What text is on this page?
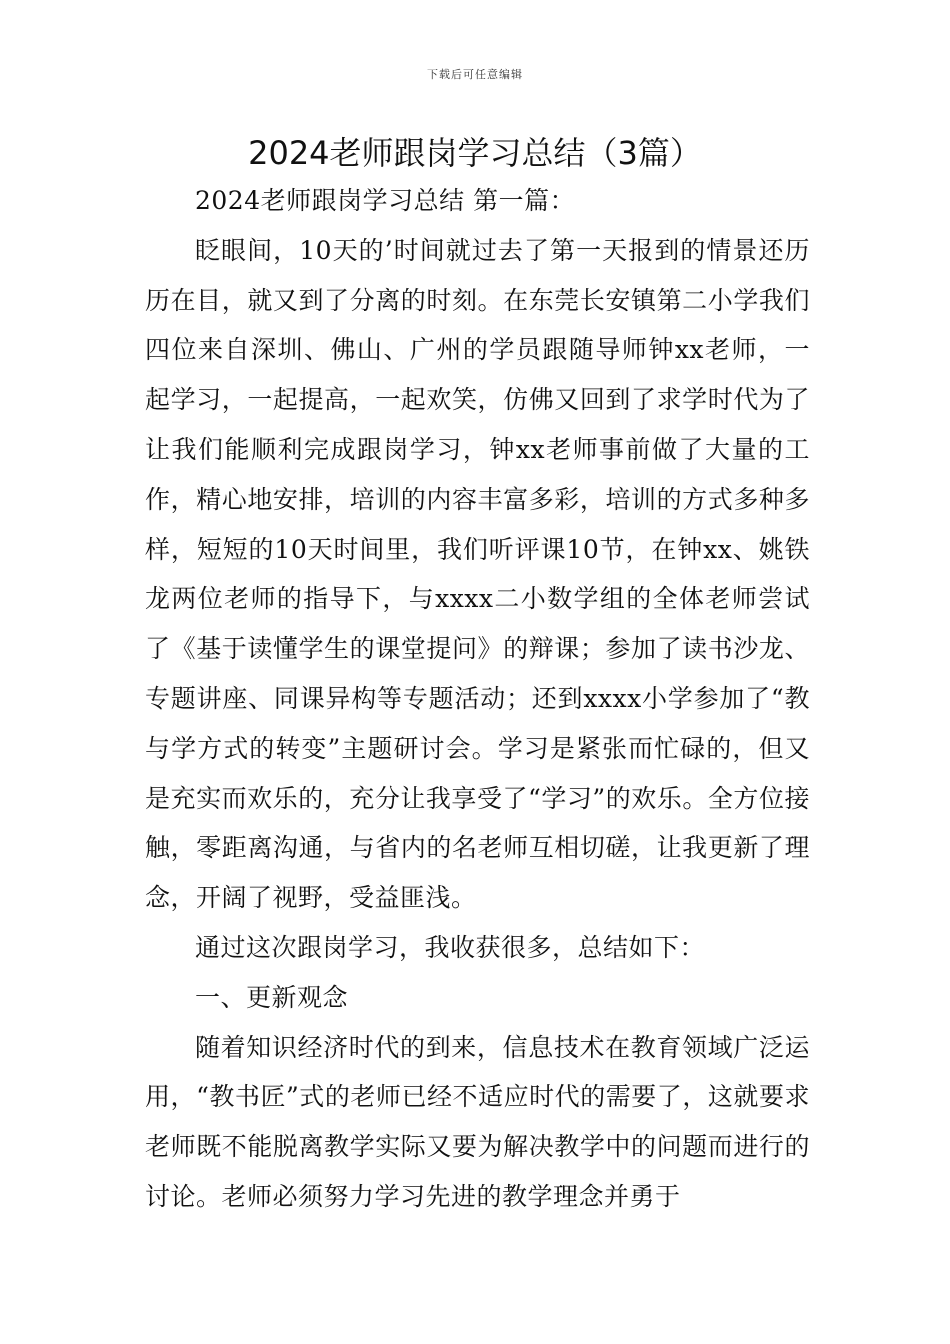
下载后可任意编辑
2024老师跟岗学习总结（3篇）

2024老师跟岗学习总结 第一篇：

眨眼间，10天的’时间就过去了第一天报到的情景还历历在目，就又到了分离的时刻。在东莞长安镇第二小学我们四位来自深圳、佛山、广州的学员跟随导师钟xx老师，一起学习，一起提高，一起欢笑，仿佛又回到了求学时代为了让我们能顺利完成跟岗学习，钟xx老师事前做了大量的工作，精心地安排，培训的内容丰富多彩，培训的方式多种多样，短短的10天时间里，我们听评课10节，在钟xx、姚铁龙两位老师的指导下，与xxxx二小数学组的全体老师尝试了《基于读懂学生的课堂提问》的辩课；参加了读书沙龙、专题讲座、同课异构等专题活动；还到xxxx小学参加了“教与学方式的转变”主题研讨会。学习是紧张而忙碌的，但又是充实而欢乐的，充分让我享受了“学习”的欢乐。全方位接触，零距离沟通，与省内的名老师互相切磋，让我更新了理念，开阔了视野，受益匪浅。

通过这次跟岗学习，我收获很多，总结如下：

一、更新观念

随着知识经济时代的到来，信息技术在教育领域广泛运用，“教书匠”式的老师已经不适应时代的需要了，这就要求老师既不能脱离教学实际又要为解决教学中的问题而进行的讨论。老师必须努力学习先进的教学理念并勇于
